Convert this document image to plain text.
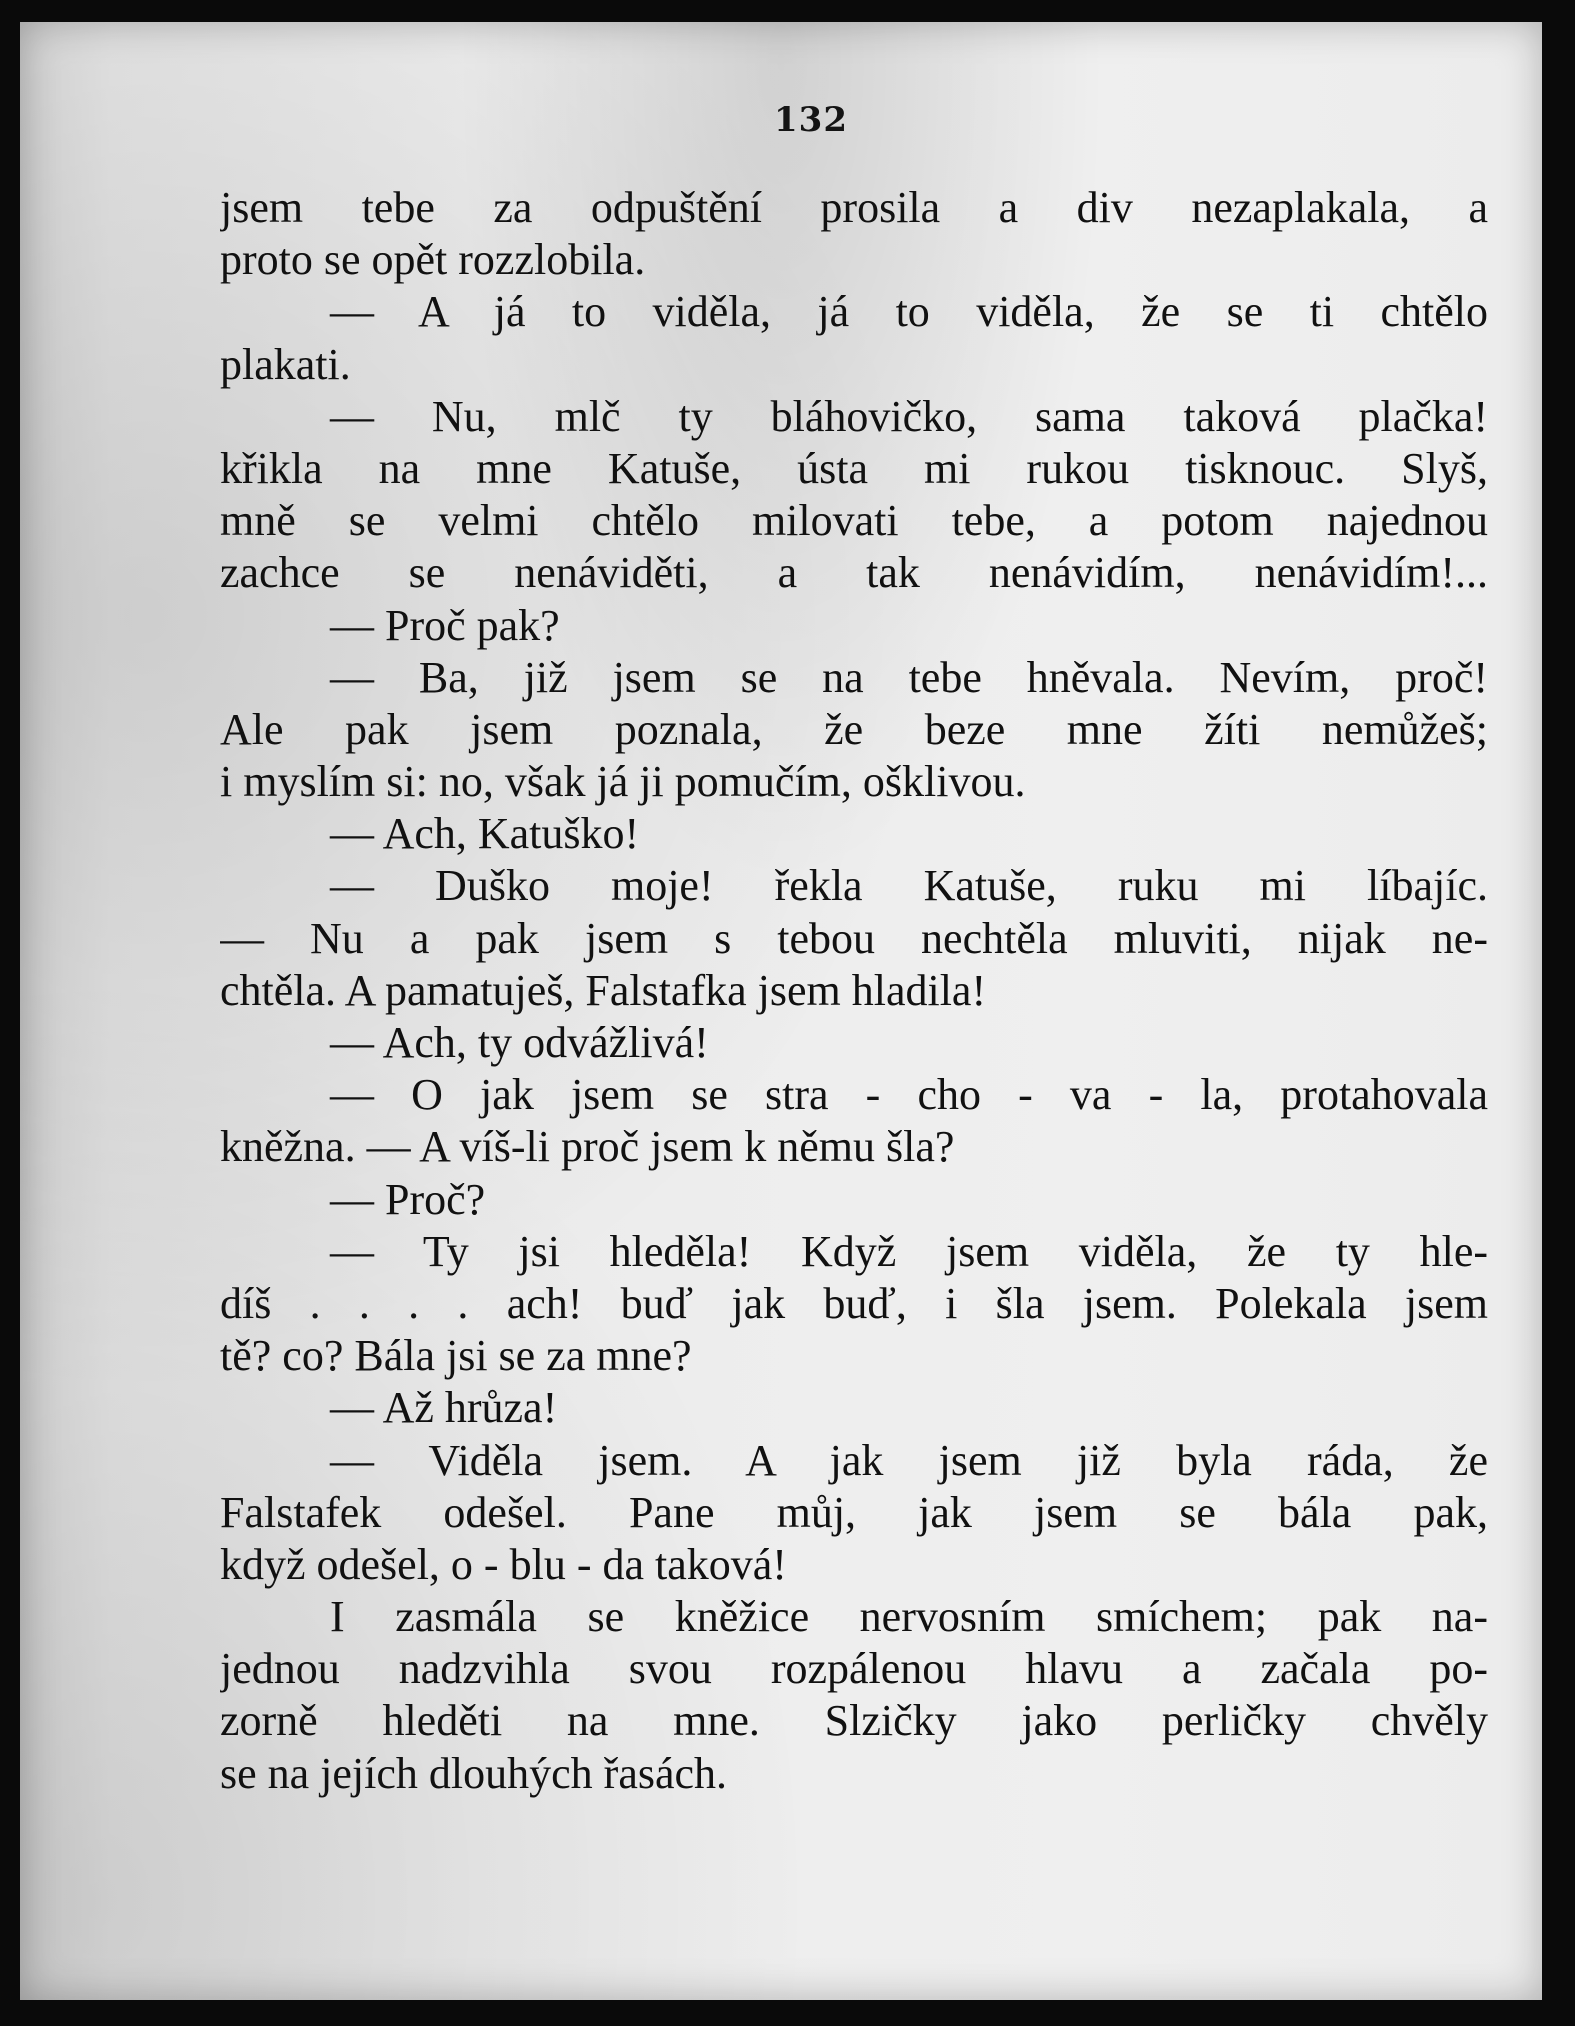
132
jsem tebe za odpuštění prosila a div nezaplakala, a
proto se opět rozzlobila.
— A já to viděla, já to viděla, že se ti chtělo
plakati.
— Nu, mlč ty bláhovičko, sama taková plačka!
křikla na mne Katuše, ústa mi rukou tisknouc. Slyš,
mně se velmi chtělo milovati tebe, a potom najednou
zachce se nenáviděti, a tak nenávidím, nenávidím!...
— Proč pak?
— Ba, již jsem se na tebe hněvala. Nevím, proč!
Ale pak jsem poznala, že beze mne žíti nemůžeš;
i myslím si: no, však já ji pomučím, ošklivou.
— Ach, Katuško!
— Duško moje! řekla Katuše, ruku mi líbajíc.
— Nu a pak jsem s tebou nechtěla mluviti, nijak ne-
chtěla. A pamatuješ, Falstafka jsem hladila!
— Ach, ty odvážlivá!
— O jak jsem se stra - cho - va - la, protahovala
kněžna. — A víš-li proč jsem k němu šla?
— Proč?
— Ty jsi hleděla! Když jsem viděla, že ty hle-
díš . . . . ach! buď jak buď, i šla jsem. Polekala jsem
tě? co? Bála jsi se za mne?
— Až hrůza!
— Viděla jsem. A jak jsem již byla ráda, že
Falstafek odešel. Pane můj, jak jsem se bála pak,
když odešel, o - blu - da taková!
I zasmála se kněžice nervosním smíchem; pak na-
jednou nadzvihla svou rozpálenou hlavu a začala po-
zorně hleděti na mne. Slzičky jako perličky chvěly
se na jejích dlouhých řasách.
